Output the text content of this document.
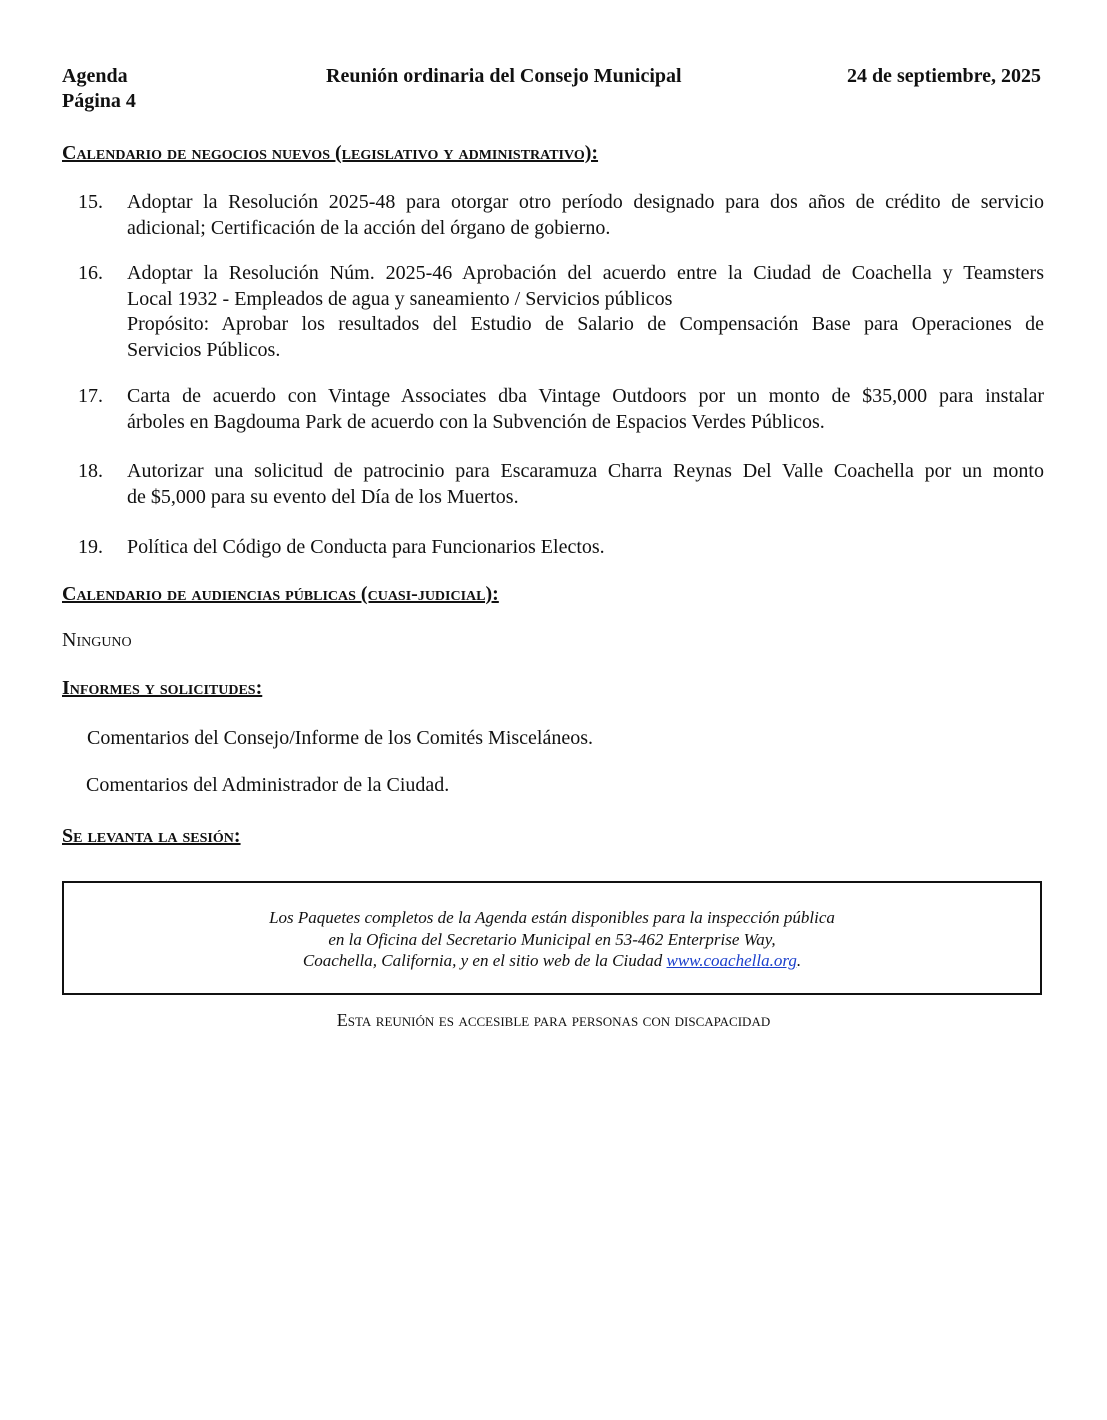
Agenda
Página 4
Reunión ordinaria del Consejo Municipal	24 de septiembre, 2025
Calendario de negocios nuevos (legislativo y administrativo):
15.	Adoptar la Resolución 2025-48 para otorgar otro período designado para dos años de crédito de servicio
adicional; Certificación de la acción del órgano de gobierno.
16.	Adoptar la Resolución Núm. 2025-46 Aprobación del acuerdo entre la Ciudad de Coachella y Teamsters
Local 1932 - Empleados de agua y saneamiento / Servicios públicos
Propósito: Aprobar los resultados del Estudio de Salario de Compensación Base para Operaciones de
Servicios Públicos.
17.	Carta de acuerdo con Vintage Associates dba Vintage Outdoors por un monto de $35,000 para instalar
árboles en Bagdouma Park de acuerdo con la Subvención de Espacios Verdes Públicos.
18.	Autorizar una solicitud de patrocinio para Escaramuza Charra Reynas Del Valle Coachella por un monto
de $5,000 para su evento del Día de los Muertos.
19.	Política del Código de Conducta para Funcionarios Electos.
Calendario de audiencias públicas (cuasi-judicial):
Ninguno
Informes y solicitudes:
Comentarios del Consejo/Informe de los Comités Misceláneos.
Comentarios del Administrador de la Ciudad.
Se levanta la sesión:
Los Paquetes completos de la Agenda están disponibles para la inspección pública
en la Oficina del Secretario Municipal en 53-462 Enterprise Way,
Coachella, California, y en el sitio web de la Ciudad www.coachella.org.
Esta reunión es accesible para personas con discapacidad
